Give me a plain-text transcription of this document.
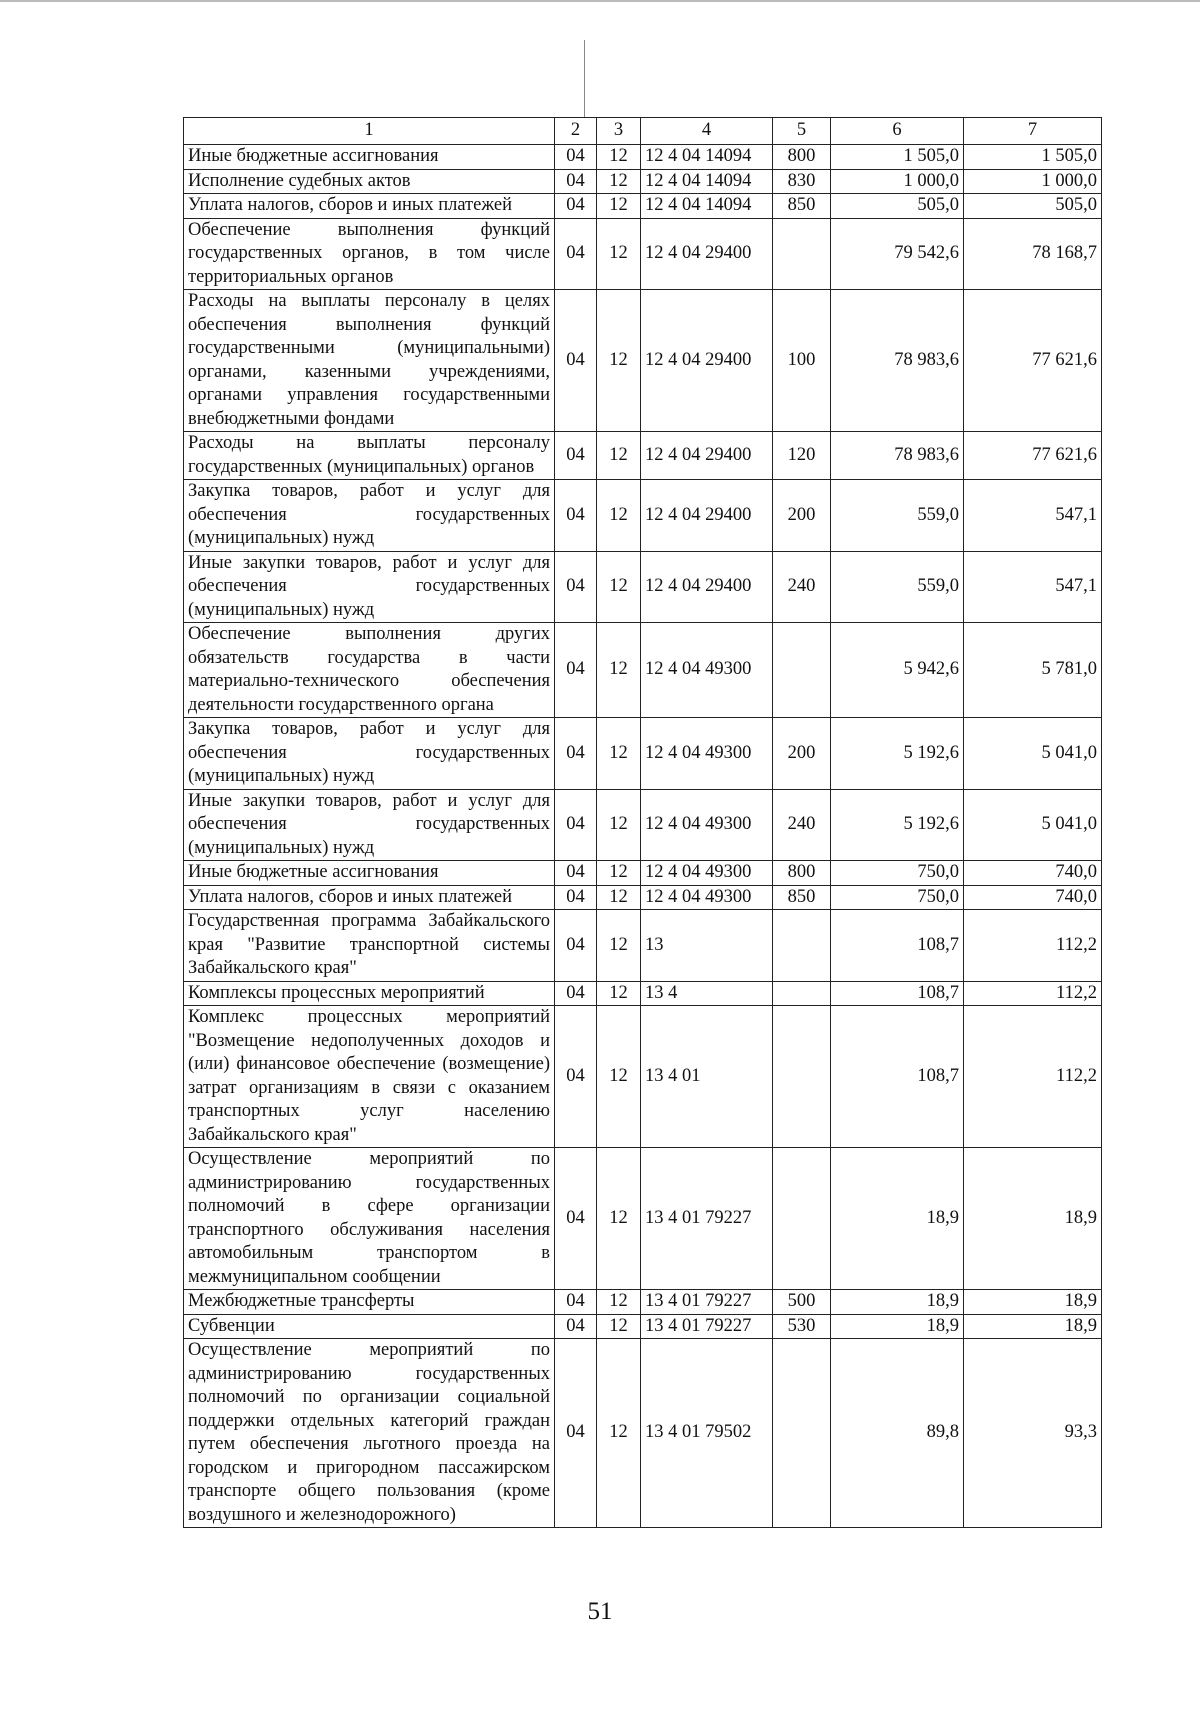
1	2	3	4	5	6	7
Иные бюджетные ассигнования	04	12	12 4 04 14094	800	1 505,0	1 505,0
Исполнение судебных актов	04	12	12 4 04 14094	830	1 000,0	1 000,0
Уплата налогов, сборов и иных платежей	04	12	12 4 04 14094	850	505,0	505,0
Обеспечение выполнения функций государственных органов, в том числе территориальных органов	04	12	12 4 04 29400		79 542,6	78 168,7
Расходы на выплаты персоналу в целях обеспечения выполнения функций государственными (муниципальными) органами, казенными учреждениями, органами управления государственными внебюджетными фондами	04	12	12 4 04 29400	100	78 983,6	77 621,6
Расходы на выплаты персоналу государственных (муниципальных) органов	04	12	12 4 04 29400	120	78 983,6	77 621,6
Закупка товаров, работ и услуг для обеспечения государственных (муниципальных) нужд	04	12	12 4 04 29400	200	559,0	547,1
Иные закупки товаров, работ и услуг для обеспечения государственных (муниципальных) нужд	04	12	12 4 04 29400	240	559,0	547,1
Обеспечение выполнения других обязательств государства в части материально-технического обеспечения деятельности государственного органа	04	12	12 4 04 49300		5 942,6	5 781,0
Закупка товаров, работ и услуг для обеспечения государственных (муниципальных) нужд	04	12	12 4 04 49300	200	5 192,6	5 041,0
Иные закупки товаров, работ и услуг для обеспечения государственных (муниципальных) нужд	04	12	12 4 04 49300	240	5 192,6	5 041,0
Иные бюджетные ассигнования	04	12	12 4 04 49300	800	750,0	740,0
Уплата налогов, сборов и иных платежей	04	12	12 4 04 49300	850	750,0	740,0
Государственная программа Забайкальского края "Развитие транспортной системы Забайкальского края"	04	12	13		108,7	112,2
Комплексы процессных мероприятий	04	12	13 4		108,7	112,2
Комплекс процессных мероприятий "Возмещение недополученных доходов и (или) финансовое обеспечение (возмещение) затрат организациям в связи с оказанием транспортных услуг населению Забайкальского края"	04	12	13 4 01		108,7	112,2
Осуществление мероприятий по администрированию государственных полномочий в сфере организации транспортного обслуживания населения автомобильным транспортом в межмуниципальном сообщении	04	12	13 4 01 79227		18,9	18,9
Межбюджетные трансферты	04	12	13 4 01 79227	500	18,9	18,9
Субвенции	04	12	13 4 01 79227	530	18,9	18,9
Осуществление мероприятий по администрированию государственных полномочий по организации социальной поддержки отдельных категорий граждан путем обеспечения льготного проезда на городском и пригородном пассажирском транспорте общего пользования (кроме воздушного и железнодорожного)	04	12	13 4 01 79502		89,8	93,3
51
